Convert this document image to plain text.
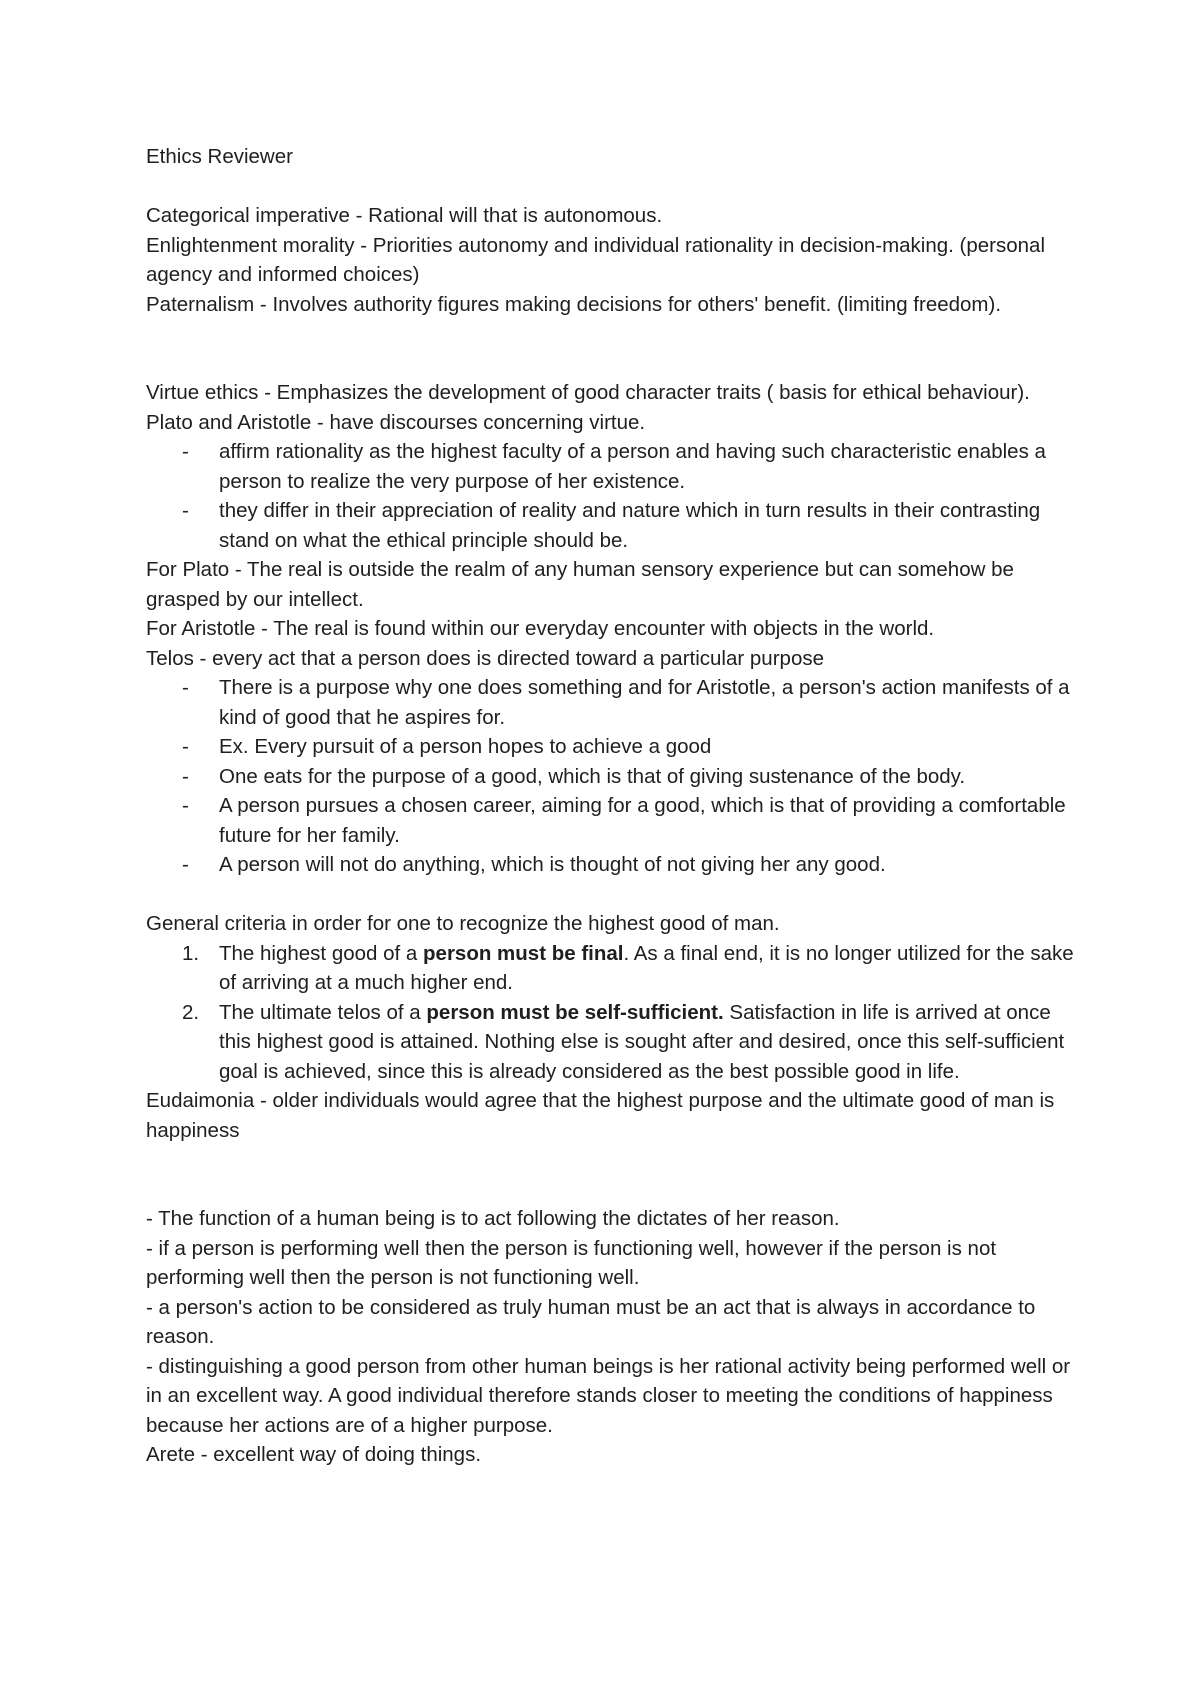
Ethics Reviewer

Categorical imperative - Rational will that is autonomous.

Enlightenment morality - Priorities autonomy and individual rationality in decision-making. (personal agency and informed choices)

Paternalism - Involves authority figures making decisions for others' benefit. (limiting freedom).

Virtue ethics - Emphasizes the development of good character traits ( basis for ethical behaviour).

Plato and Aristotle - have discourses concerning virtue.

- affirm rationality as the highest faculty of a person and having such characteristic enables a person to realize the very purpose of her existence.
- they differ in their appreciation of reality and nature which in turn results in their contrasting stand on what the ethical principle should be.

For Plato - The real is outside the realm of any human sensory experience but can somehow be grasped by our intellect.

For Aristotle - The real is found within our everyday encounter with objects in the world.

Telos - every act that a person does is directed toward a particular purpose

- There is a purpose why one does something and for Aristotle, a person's action manifests of a kind of good that he aspires for.
- Ex. Every pursuit of a person hopes to achieve a good
- One eats for the purpose of a good, which is that of giving sustenance of the body.
- A person pursues a chosen career, aiming for a good, which is that of providing a comfortable future for her family.
- A person will not do anything, which is thought of not giving her any good.

General criteria in order for one to recognize the highest good of man.

1. The highest good of a person must be final. As a final end, it is no longer utilized for the sake of arriving at a much higher end.
2. The ultimate telos of a person must be self-sufficient. Satisfaction in life is arrived at once this highest good is attained. Nothing else is sought after and desired, once this self-sufficient goal is achieved, since this is already considered as the best possible good in life.

Eudaimonia - older individuals would agree that the highest purpose and the ultimate good of man is happiness

- The function of a human being is to act following the dictates of her reason.

- if a person is performing well then the person is functioning well, however if the person is not performing well then the person is not functioning well.

- a person's action to be considered as truly human must be an act that is always in accordance to reason.

- distinguishing a good person from other human beings is her rational activity being performed well or in an excellent way. A good individual therefore stands closer to meeting the conditions of happiness because her actions are of a higher purpose.

Arete - excellent way of doing things.
